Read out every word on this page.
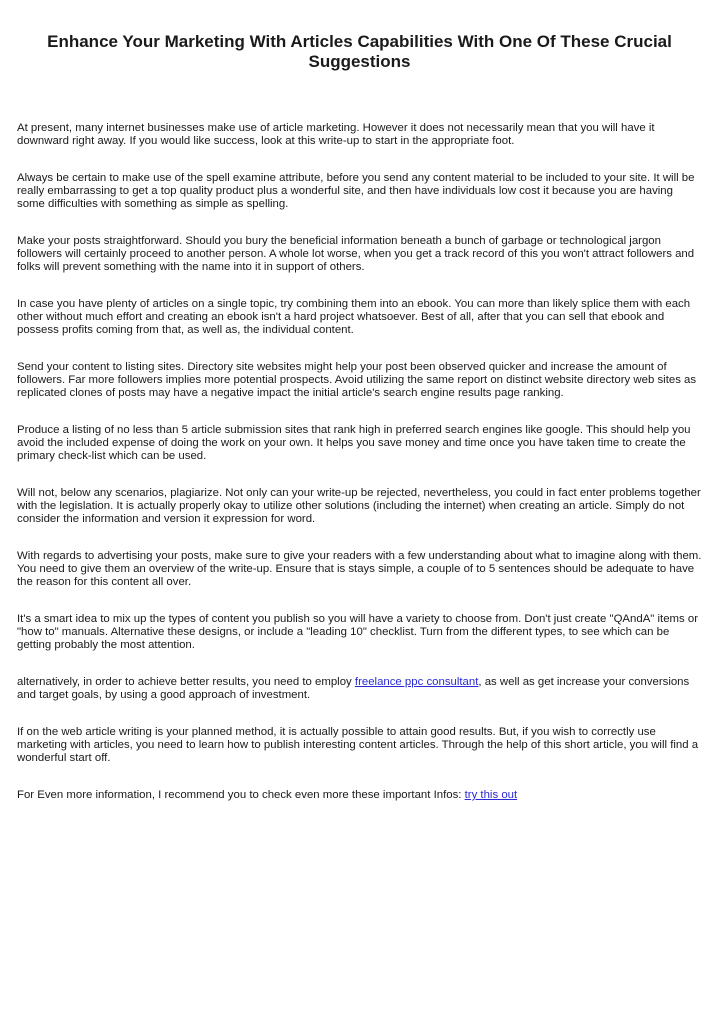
Enhance Your Marketing With Articles Capabilities With One Of These Crucial Suggestions

At present, many internet businesses make use of article marketing. However it does not necessarily mean that you will have it downward right away. If you would like success, look at this write-up to start in the appropriate foot.

Always be certain to make use of the spell examine attribute, before you send any content material to be included to your site. It will be really embarrassing to get a top quality product plus a wonderful site, and then have individuals low cost it because you are having some difficulties with something as simple as spelling.

Make your posts straightforward. Should you bury the beneficial information beneath a bunch of garbage or technological jargon followers will certainly proceed to another person. A whole lot worse, when you get a track record of this you won't attract followers and folks will prevent something with the name into it in support of others.

In case you have plenty of articles on a single topic, try combining them into an ebook. You can more than likely splice them with each other without much effort and creating an ebook isn't a hard project whatsoever. Best of all, after that you can sell that ebook and possess profits coming from that, as well as, the individual content.

Send your content to listing sites. Directory site websites might help your post been observed quicker and increase the amount of followers. Far more followers implies more potential prospects. Avoid utilizing the same report on distinct website directory web sites as replicated clones of posts may have a negative impact the initial article's search engine results page ranking.

Produce a listing of no less than 5 article submission sites that rank high in preferred search engines like google. This should help you avoid the included expense of doing the work on your own. It helps you save money and time once you have taken time to create the primary check-list which can be used.

Will not, below any scenarios, plagiarize. Not only can your write-up be rejected, nevertheless, you could in fact enter problems together with the legislation. It is actually properly okay to utilize other solutions (including the internet) when creating an article. Simply do not consider the information and version it expression for word.

With regards to advertising your posts, make sure to give your readers with a few understanding about what to imagine along with them. You need to give them an overview of the write-up. Ensure that is stays simple, a couple of to 5 sentences should be adequate to have the reason for this content all over.

It's a smart idea to mix up the types of content you publish so you will have a variety to choose from. Don't just create "QAndA" items or "how to" manuals. Alternative these designs, or include a "leading 10" checklist. Turn from the different types, to see which can be getting probably the most attention.

alternatively, in order to achieve better results, you need to employ freelance ppc consultant, as well as get increase your conversions and target goals, by using a good approach of investment.

If on the web article writing is your planned method, it is actually possible to attain good results. But, if you wish to correctly use marketing with articles, you need to learn how to publish interesting content articles. Through the help of this short article, you will find a wonderful start off.

For Even more information, I recommend you to check even more these important Infos: try this out
